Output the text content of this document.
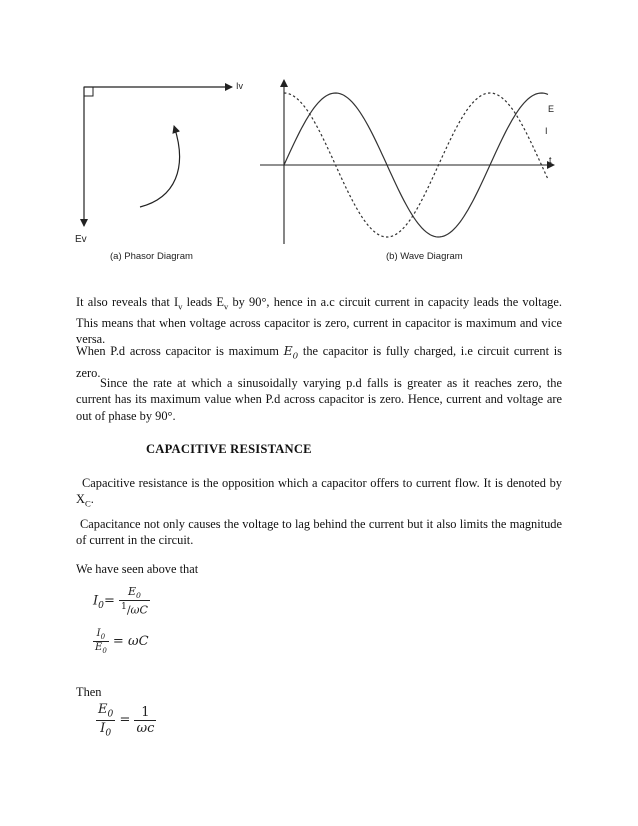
Iv
Ev
(a) Phasor Diagram
E
I
t
(b) Wave Diagram
It also reveals that $I_v$ leads $E_v$ by 90°, hence in a.c circuit current in capacity leads the voltage. This means that when voltage across capacitor is zero, current in capacitor is maximum and vice versa.
When P.d across capacitor is maximum $E_0$ the capacitor is fully charged, i.e circuit current is zero.
Since the rate at which a sinusoidally varying p.d falls is greater as it reaches zero, the current has its maximum value when P.d across capacitor is zero. Hence, current and voltage are out of phase by 90°.
CAPACITIVE RESISTANCE
Capacitive resistance is the opposition which a capacitor offers to current flow. It is denoted by $X_C$.
Capacitance not only causes the voltage to lag behind the current but it also limits the magnitude of current in the circuit.
We have seen above that
$I_0= \frac{E_0}{^1/\omega C}$
$\frac{I_0}{E_0} = \omega C$
Then
$\frac{E_0}{I_0} = \frac{1}{\omega c}$
